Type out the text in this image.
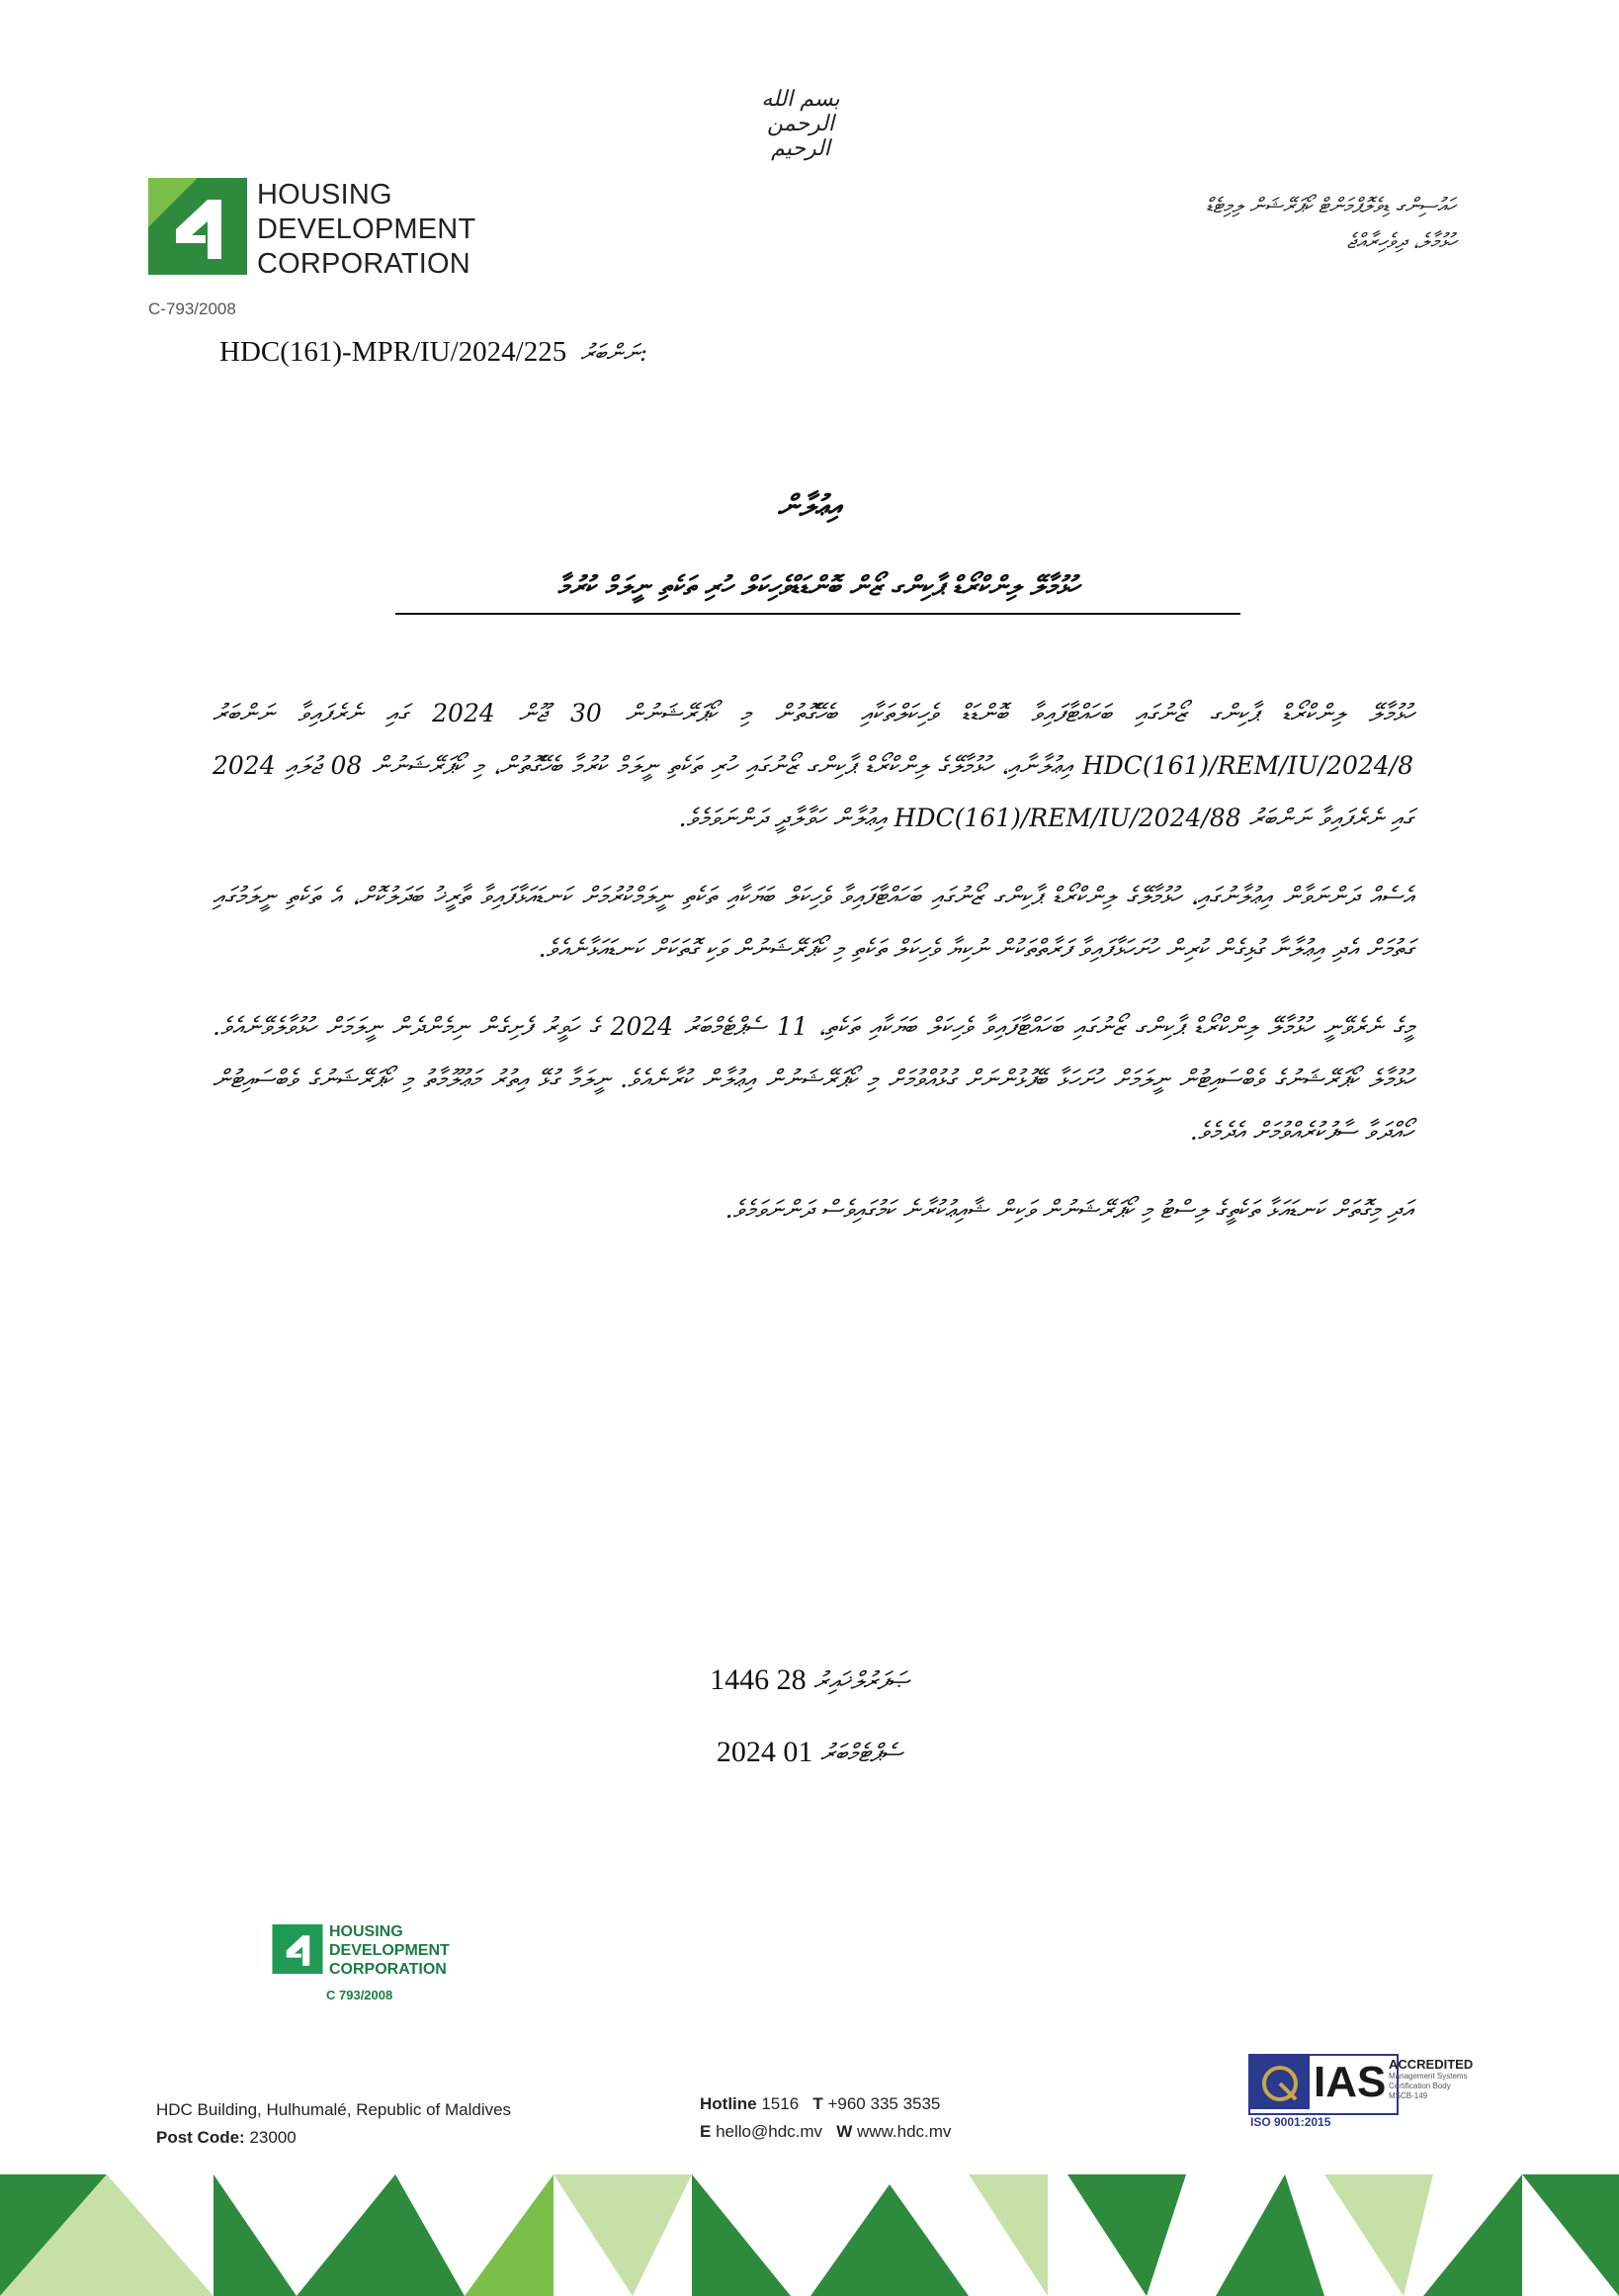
بسم الله الرحمن الرحيم
HOUSING
DEVELOPMENT
CORPORATION
C-793/2008
ހައުސިންގ ޑިވެލޮޕްމަންޓް ކޯޕަރޭޝަން ލިމިޓެޑް
ހުޅުމާލެ، ދިވެހިރާއްޖެ
HDC(161)-MPR/IU/2024/225 ނަންބަރު:
އިޢުލާން
ހުޅުމާލޭ ލިންކްރޯޑް ޕާކިންގ ޒޯން ބޮންޑަޑްވެހިކަލް ހުރި ތަކެތި ނީލަމް ކުރުމާ

ހުޅުމާލޭ ލިންކްރޯޑް ޕާކިންގ ޒޯނުގައި ބަހައްޓާފައިވާ ބޮންޑަޑް ވެހިކަލްތަކާއި ބެހޭގޮތުން މި ކޯޕަރޭޝަނުން 30 ޖޫން 2024 ގައި ނެރެފައިވާ ނަންބަރު HDC(161)/REM/IU/2024/8 އިޢުލާނާއި، ހުޅުމާލޭގެ ލިންކްރޯޑް ޕާކިންގ ޒޯނުގައި ހުރި ތަކެތި ނީލަމް ކުރުމާ ބެހޭގޮތުން، މި ކޯޕަރޭޝަނުން 08 ޖުލައި 2024 ގައި ނެރެފައިވާ ނަންބަރު HDC(161)/REM/IU/2024/88 އިޢުލާން ހަވާލާދީ ދަންނަވަމެވެ.

އެސެއް ދަންނަވާން އިޢުލާނުގައި، ހުޅުމާލޭގެ ލިންކްރޯޑް ޕާކިންގ ޒޯނުގައި ބަހައްޓާފައިވާ ވެހިކަލް ބަޔަކާއި ތަކެތި ނީލަމްކުރުމަށް ކަނޑައަޅާފައިވާ ތާރީޚު ބަދަލުކޮށް، އެ ތަކެތި ނީލަމުގައި ގަތުމަށް އެދި އިޢުލާނާ ގުޅިގެން ކުރިން ހުށަހަޅާފައިވާ ފަރާތްތަކުން ނުކިޔާ ވެހިކަލް ތަކެތި މި ކޯޕަރޭޝަނުން ވަކި ގޮތަކަށް ކަނޑައަޅާނެއެވެ.

މީގެ ނެރެވޭނީ ހުޅުމާލޭ ލިންކްރޯޑް ޕާކިންގ ޒޯނުގައި ބަހައްޓާފައިވާ ވެހިކަލް ބަޔަކާއި ތަކެތި، 11 ސެޕްޓެމްބަރު 2024 ގެ ހަވީރު ފެށިގެން ނިމެންދެން ނީލަމަށް ހުޅުވާލެވޭނެއެވެ. ހުޅުމާލެ ކޯޕަރޭޝަނުގެ ވެބްސައިޓުން ނީލަމަށް ހުށަހަޅާ ބޭފުޅުންނަށް ގުޅުއްވުމަށް މި ކޯޕަރޭޝަނުން އިޢުލާން ކުރާނެއެވެ. ނީލަމާ ގުޅޭ އިތުރު މަޢުލޫމާތު މި ކޯޕަރޭޝަނުގެ ވެބްސައިޓުން ހޯއްދަވާ ސާފުކުރެއްވުމަށް އެދެމެވެ.

އަދި މިގޮތަށް ކަނޑައަޅާ ތަކެތީގެ ލިސްޓު މި ކޯޕަރޭޝަނުން ވަކިން ޝާއިޢުކުރާނެ ކަމުގައިވެސް ދަންނަވަމެވެ.

1446 ޞަފަރުލްޚައިރު 28
2024 ސެޕްޓެމްބަރު 01
HOUSING
DEVELOPMENT
CORPORATION
C 793/2008
HDC Building, Hulhumalé, Republic of Maldives
Post Code: 23000
Hotline 1516 T +960 335 3535
E hello@hdc.mv W www.hdc.mv
IAS ACCREDITED
Management Systems Certification Body
MSCB-149
ISO 9001:2015
